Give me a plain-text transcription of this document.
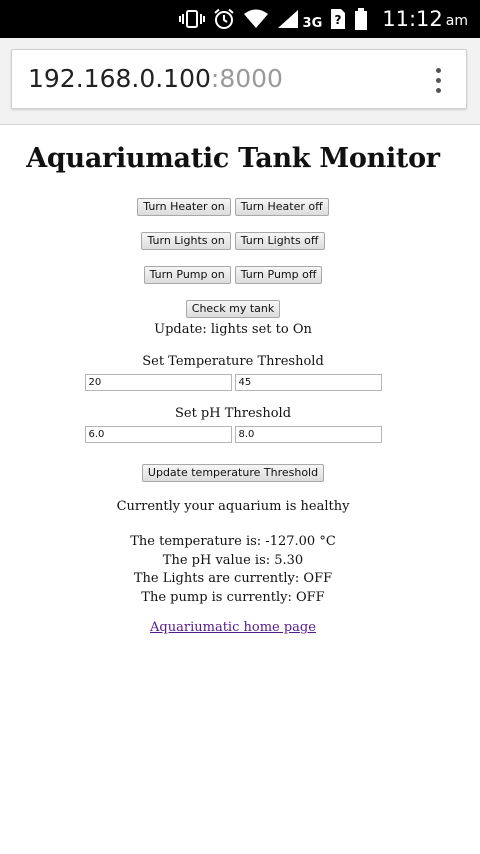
3G ? 11:12 am
192.168.0.100:8000
Aquariumatic Tank Monitor
Turn Heater on	Turn Heater off
Turn Lights on	Turn Lights off
Turn Pump on	Turn Pump off
Check my tank
Update: lights set to On
Set Temperature Threshold
20
45
Set pH Threshold
6.0
8.0
Update temperature Threshold
Currently your aquarium is healthy
The temperature is: -127.00 °C
The pH value is: 5.30
The Lights are currently: OFF
The pump is currently: OFF
Aquariumatic home page
